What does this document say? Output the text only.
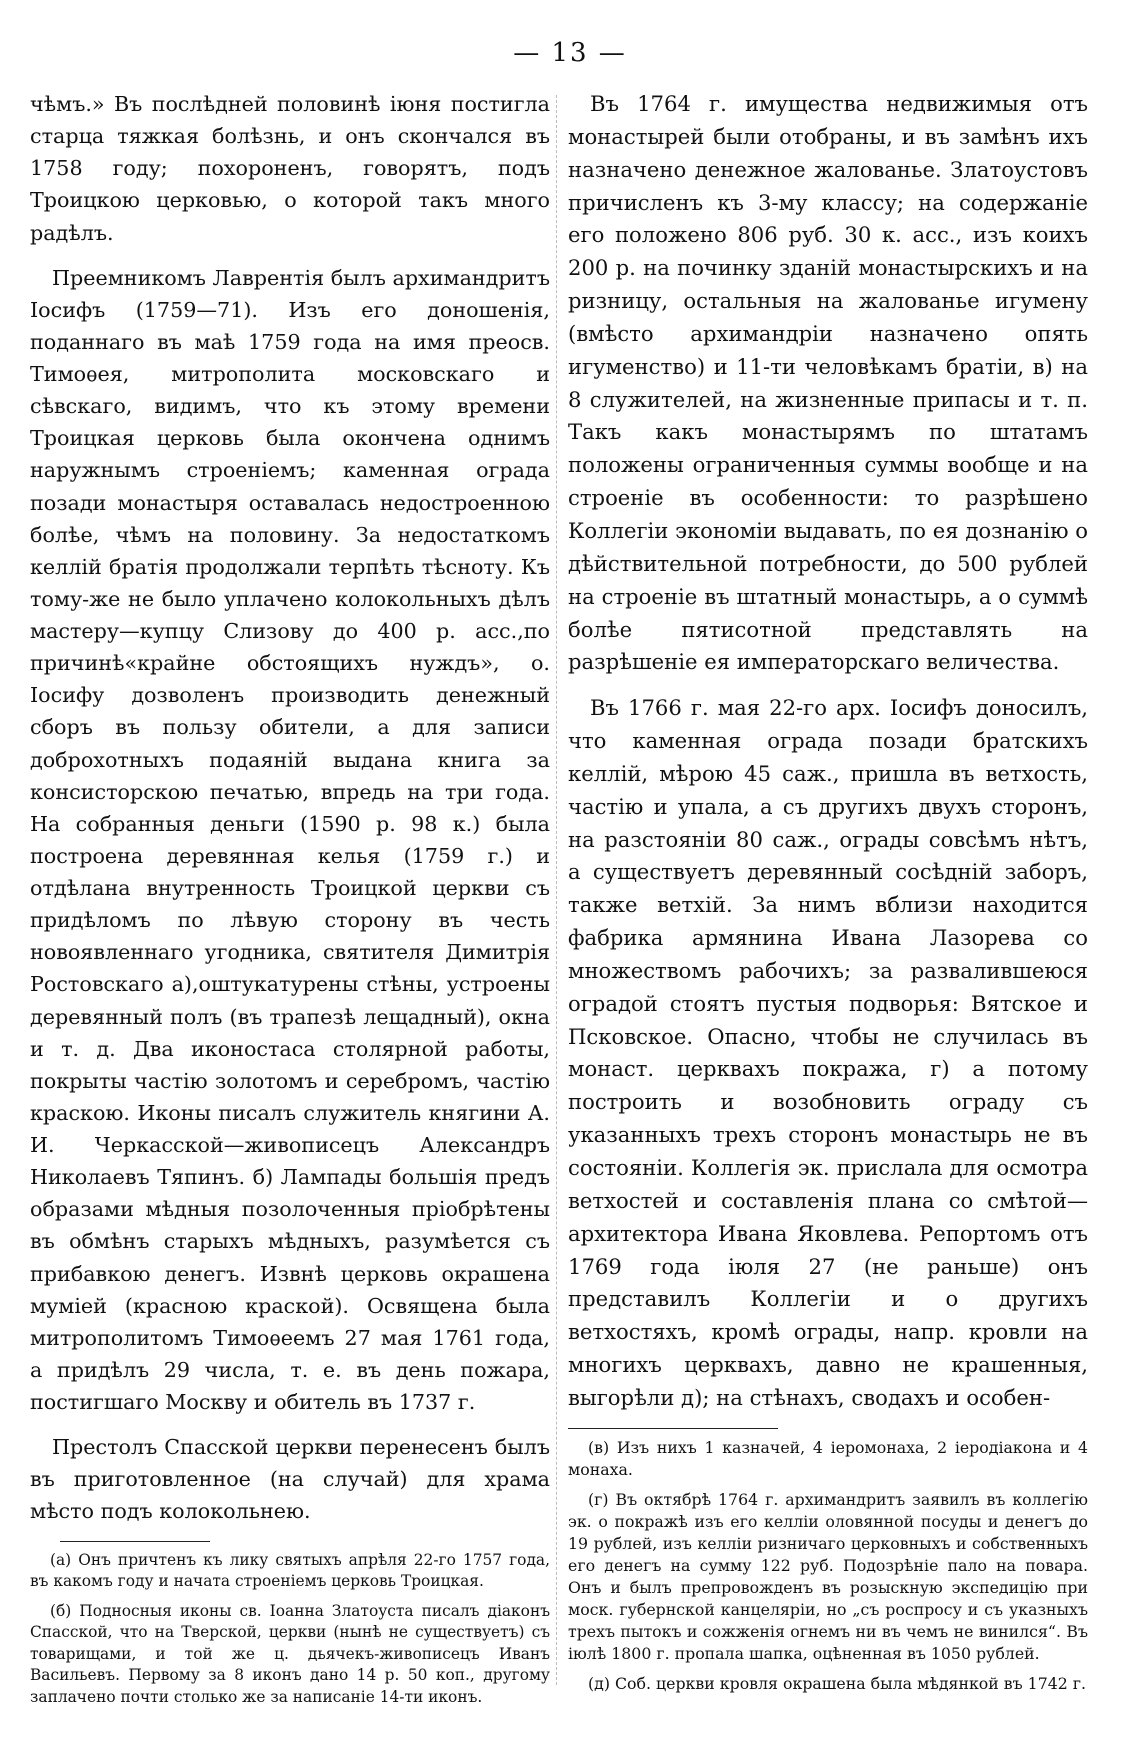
— 13 —

чѣмъ.» Въ послѣдней половинѣ іюня постигла старца тяжкая болѣзнь, и онъ скончался въ 1758 году; похороненъ, говорятъ, подъ Троицкою церковью, о которой такъ много радѣлъ.

Преемникомъ Лаврентія былъ архимандритъ Іосифъ (1759—71). Изъ его доношенія, поданнаго въ маѣ 1759 года на имя преосв. Тимоѳея, митрополита московскаго и сѣвскаго, видимъ, что къ этому времени Троицкая церковь была окончена однимъ наружнымъ строеніемъ; каменная ограда позади монастыря оставалась недостроенною болѣе, чѣмъ на половину. За недостаткомъ келлій братія продолжали терпѣть тѣсноту. Къ тому-же не было уплачено колокольныхъ дѣлъ мастеру—купцу Слизову до 400 р. асс.,по причинѣ«крайне обстоящихъ нуждъ», о. Іосифу дозволенъ производить денежный сборъ въ пользу обители, а для записи доброхотныхъ подаяній выдана книга за консисторскою печатью, впредь на три года. На собранныя деньги (1590 р. 98 к.) была построена деревянная келья (1759 г.) и отдѣлана внутренность Троицкой церкви съ придѣломъ по лѣвую сторону въ честь новоявленнаго угодника, святителя Димитрія Ростовскаго а),оштукатурены стѣны, устроены деревянный полъ (въ трапезѣ лещадный), окна и т. д. Два иконостаса столярной работы, покрыты частію золотомъ и серебромъ, частію краскою. Иконы писалъ служитель княгини А. И. Черкасской—живописецъ Александръ Николаевъ Тяпинъ. б) Лампады большія предъ образами мѣдныя позолоченныя пріобрѣтены въ обмѣнъ старыхъ мѣдныхъ, разумѣется съ прибавкою денегъ. Извнѣ церковь окрашена муміей (красною краской). Освящена была митрополитомъ Тимоѳеемъ 27 мая 1761 года, а придѣлъ 29 числа, т. е. въ день пожара, постигшаго Москву и обитель въ 1737 г.

Престолъ Спасской церкви перенесенъ былъ въ приготовленное (на случай) для храма мѣсто подъ колокольнею.

(а) Онъ причтенъ къ лику святыхъ апрѣля 22-го 1757 года, въ какомъ году и начата строеніемъ церковь Троицкая.

(б) Подносныя иконы св. Іоанна Златоуста писалъ діаконъ Спасской, что на Тверской, церкви (нынѣ не существуетъ) съ товарищами, и той же ц. дьячекъ-живописецъ Иванъ Васильевъ. Первому за 8 иконъ дано 14 р. 50 коп., другому заплачено почти столько же за написаніе 14-ти иконъ.

Въ 1764 г. имущества недвижимыя отъ монастырей были отобраны, и въ замѣнъ ихъ назначено денежное жалованье. Златоустовъ причисленъ къ 3-му классу; на содержаніе его положено 806 руб. 30 к. асс., изъ коихъ 200 р. на починку зданій монастырскихъ и на ризницу, остальныя на жалованье игумену (вмѣсто архимандріи назначено опять игуменство) и 11-ти человѣкамъ братіи, в) на 8 служителей, на жизненные припасы и т. п. Такъ какъ монастырямъ по штатамъ положены ограниченныя суммы вообще и на строеніе въ особенности: то разрѣшено Коллегіи экономіи выдавать, по ея дознанію о дѣйствительной потребности, до 500 рублей на строеніе въ штатный монастырь, а о суммѣ болѣе пятисотной представлять на разрѣшеніе ея императорскаго величества.

Въ 1766 г. мая 22-го арх. Іосифъ доносилъ, что каменная ограда позади братскихъ келлій, мѣрою 45 саж., пришла въ ветхость, частію и упала, а съ другихъ двухъ сторонъ, на разстояніи 80 саж., ограды совсѣмъ нѣтъ, а существуетъ деревянный сосѣдній заборъ, также ветхій. За нимъ вблизи находится фабрика армянина Ивана Лазорева со множествомъ рабочихъ; за развалившеюся оградой стоятъ пустыя подворья: Вятское и Псковское. Опасно, чтобы не случилась въ монаст. церквахъ покража, г) а потому построить и возобновить ограду съ указанныхъ трехъ сторонъ монастырь не въ состояніи. Коллегія эк. прислала для осмотра ветхостей и составленія плана со смѣтой—архитектора Ивана Яковлева. Репортомъ отъ 1769 года іюля 27 (не раньше) онъ представилъ Коллегіи и о другихъ ветхостяхъ, кромѣ ограды, напр. кровли на многихъ церквахъ, давно не крашенныя, выгорѣли д); на стѣнахъ, сводахъ и особен-

(в) Изъ нихъ 1 казначей, 4 іеромонаха, 2 іеродіакона и 4 монаха.

(г) Въ октябрѣ 1764 г. архимандритъ заявилъ въ коллегію эк. о покражѣ изъ его келліи оловянной посуды и денегъ до 19 рублей, изъ келліи ризничаго церковныхъ и собственныхъ его денегъ на сумму 122 руб. Подозрѣніе пало на повара. Онъ и былъ препровожденъ въ розыскную экспедицію при моск. губернской канцеляріи, но „съ роспросу и съ указныхъ трехъ пытокъ и сожженія огнемъ ни въ чемъ не винился“. Въ іюлѣ 1800 г. пропала шапка, оцѣненная въ 1050 рублей.

(д) Соб. церкви кровля окрашена была мѣдянкой въ 1742 г.
